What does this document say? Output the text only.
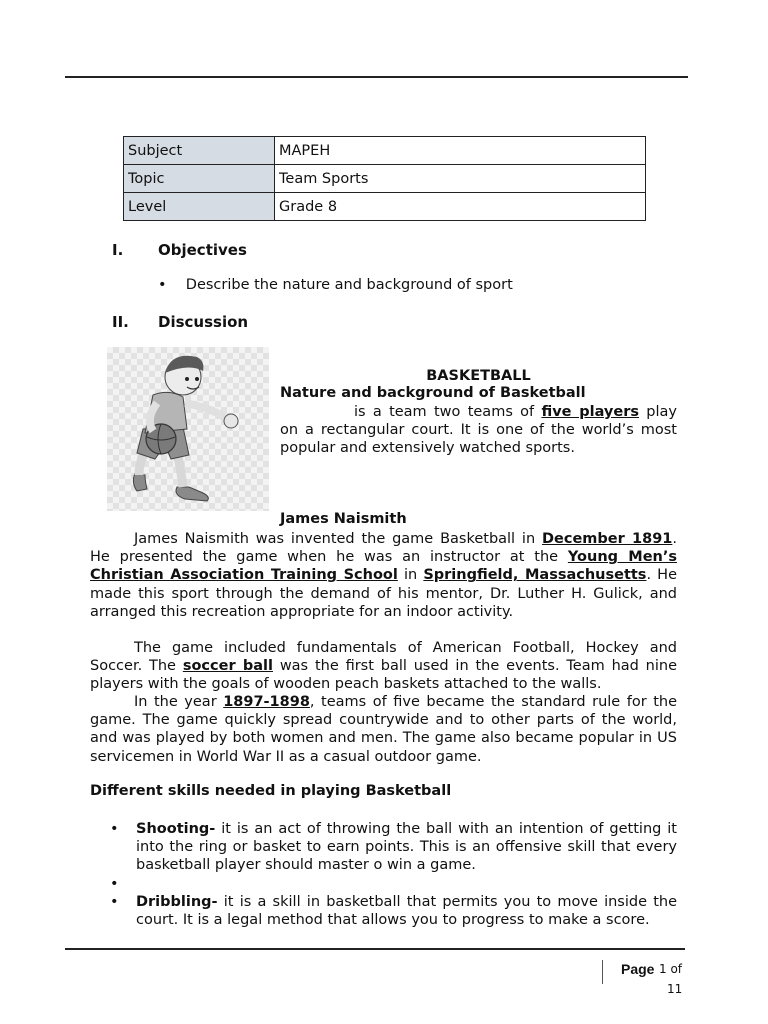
Subject	MAPEH
Topic	Team Sports
Level	Grade 8
I. Objectives
• Describe the nature and background of sport
II. Discussion
BASKETBALL
Nature and background of Basketball
is a team two teams of five players play on a rectangular court. It is one of the world’s most popular and extensively watched sports.
James Naismith
James Naismith was invented the game Basketball in December 1891. He presented the game when he was an instructor at the Young Men’s Christian Association Training School in Springfield, Massachusetts. He made this sport through the demand of his mentor, Dr. Luther H. Gulick, and arranged this recreation appropriate for an indoor activity.
The game included fundamentals of American Football, Hockey and Soccer. The soccer ball was the first ball used in the events. Team had nine players with the goals of wooden peach baskets attached to the walls.
In the year 1897-1898, teams of five became the standard rule for the game. The game quickly spread countrywide and to other parts of the world, and was played by both women and men. The game also became popular in US servicemen in World War II as a casual outdoor game.
Different skills needed in playing Basketball
• Shooting- it is an act of throwing the ball with an intention of getting it into the ring or basket to earn points. This is an offensive skill that every basketball player should master o win a game.
•
• Dribbling- it is a skill in basketball that permits you to move inside the court. It is a legal method that allows you to progress to make a score.
Page 1 of
11
